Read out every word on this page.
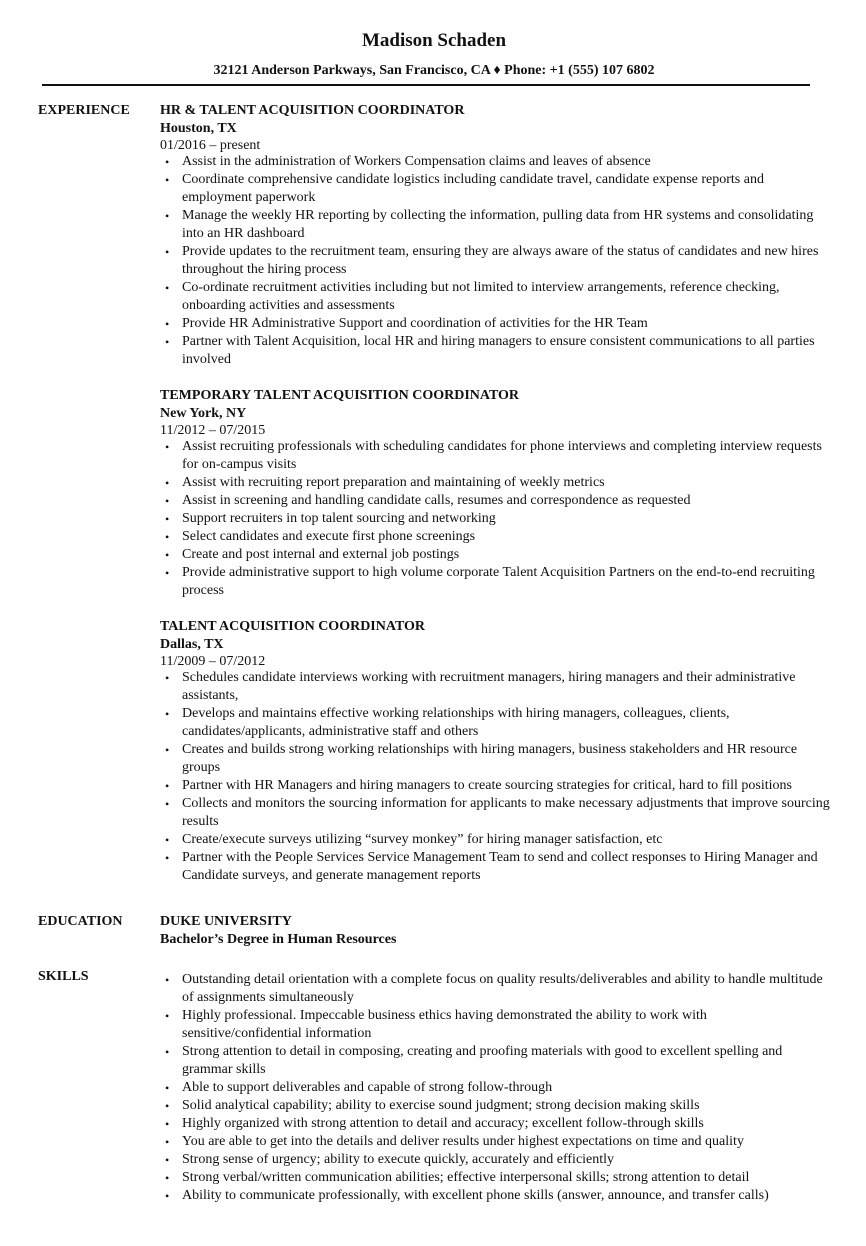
Madison Schaden
32121 Anderson Parkways, San Francisco, CA ♦ Phone: +1 (555) 107 6802
EXPERIENCE	HR & TALENT ACQUISITION COORDINATOR
Houston, TX
01/2016 – present
• Assist in the administration of Workers Compensation claims and leaves of absence
• Coordinate comprehensive candidate logistics including candidate travel, candidate expense reports and employment paperwork
• Manage the weekly HR reporting by collecting the information, pulling data from HR systems and consolidating into an HR dashboard
• Provide updates to the recruitment team, ensuring they are always aware of the status of candidates and new hires throughout the hiring process
• Co-ordinate recruitment activities including but not limited to interview arrangements, reference checking, onboarding activities and assessments
• Provide HR Administrative Support and coordination of activities for the HR Team
• Partner with Talent Acquisition, local HR and hiring managers to ensure consistent communications to all parties involved
TEMPORARY TALENT ACQUISITION COORDINATOR
New York, NY
11/2012 – 07/2015
• Assist recruiting professionals with scheduling candidates for phone interviews and completing interview requests for on-campus visits
• Assist with recruiting report preparation and maintaining of weekly metrics
• Assist in screening and handling candidate calls, resumes and correspondence as requested
• Support recruiters in top talent sourcing and networking
• Select candidates and execute first phone screenings
• Create and post internal and external job postings
• Provide administrative support to high volume corporate Talent Acquisition Partners on the end-to-end recruiting process
TALENT ACQUISITION COORDINATOR
Dallas, TX
11/2009 – 07/2012
• Schedules candidate interviews working with recruitment managers, hiring managers and their administrative assistants,
• Develops and maintains effective working relationships with hiring managers, colleagues, clients, candidates/applicants, administrative staff and others
• Creates and builds strong working relationships with hiring managers, business stakeholders and HR resource groups
• Partner with HR Managers and hiring managers to create sourcing strategies for critical, hard to fill positions
• Collects and monitors the sourcing information for applicants to make necessary adjustments that improve sourcing results
• Create/execute surveys utilizing “survey monkey” for hiring manager satisfaction, etc
• Partner with the People Services Service Management Team to send and collect responses to Hiring Manager and Candidate surveys, and generate management reports
EDUCATION	DUKE UNIVERSITY
Bachelor’s Degree in Human Resources
SKILLS
•	Outstanding detail orientation with a complete focus on quality results/deliverables and ability to handle multitude of assignments simultaneously
• Highly professional. Impeccable business ethics having demonstrated the ability to work with sensitive/confidential information
• Strong attention to detail in composing, creating and proofing materials with good to excellent spelling and grammar skills
• Able to support deliverables and capable of strong follow-through
• Solid analytical capability; ability to exercise sound judgment; strong decision making skills
• Highly organized with strong attention to detail and accuracy; excellent follow-through skills
• You are able to get into the details and deliver results under highest expectations on time and quality
• Strong sense of urgency; ability to execute quickly, accurately and efficiently
• Strong verbal/written communication abilities; effective interpersonal skills; strong attention to detail
• Ability to communicate professionally, with excellent phone skills (answer, announce, and transfer calls)
